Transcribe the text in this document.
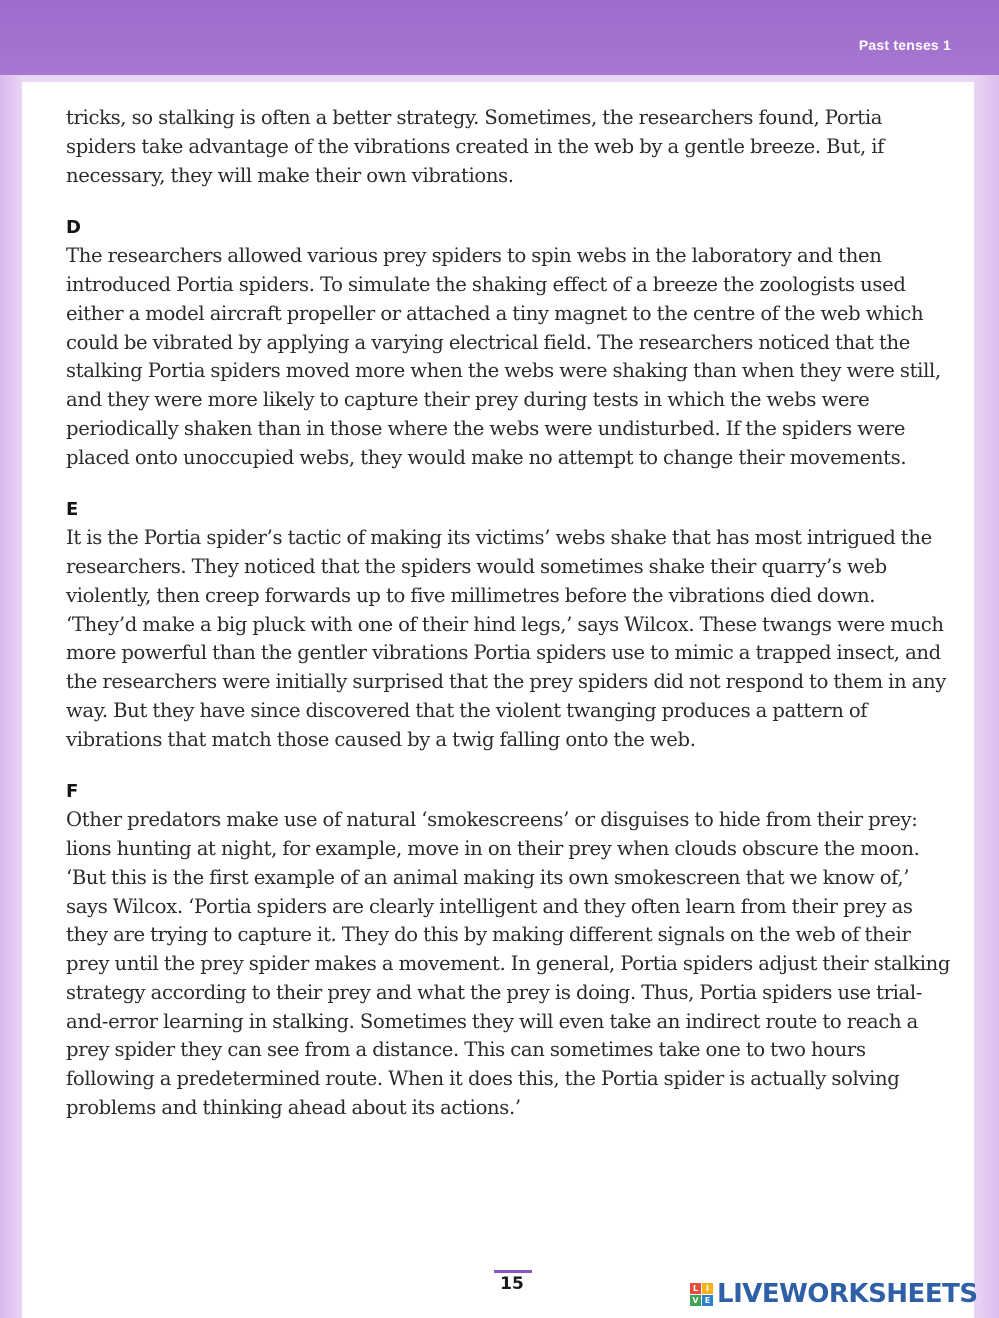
Past tenses 1

tricks, so stalking is often a better strategy. Sometimes, the researchers found, Portia spiders take advantage of the vibrations created in the web by a gentle breeze. But, if necessary, they will make their own vibrations.

D

The researchers allowed various prey spiders to spin webs in the laboratory and then introduced Portia spiders. To simulate the shaking effect of a breeze the zoologists used either a model aircraft propeller or attached a tiny magnet to the centre of the web which could be vibrated by applying a varying electrical field. The researchers noticed that the stalking Portia spiders moved more when the webs were shaking than when they were still, and they were more likely to capture their prey during tests in which the webs were periodically shaken than in those where the webs were undisturbed. If the spiders were placed onto unoccupied webs, they would make no attempt to change their movements.

E

It is the Portia spider’s tactic of making its victims’ webs shake that has most intrigued the researchers. They noticed that the spiders would sometimes shake their quarry’s web violently, then creep forwards up to five millimetres before the vibrations died down. ‘They’d make a big pluck with one of their hind legs,’ says Wilcox. These twangs were much more powerful than the gentler vibrations Portia spiders use to mimic a trapped insect, and the researchers were initially surprised that the prey spiders did not respond to them in any way. But they have since discovered that the violent twanging produces a pattern of vibrations that match those caused by a twig falling onto the web.

F

Other predators make use of natural ‘smokescreens’ or disguises to hide from their prey: lions hunting at night, for example, move in on their prey when clouds obscure the moon. ‘But this is the first example of an animal making its own smokescreen that we know of,’ says Wilcox. ‘Portia spiders are clearly intelligent and they often learn from their prey as they are trying to capture it. They do this by making different signals on the web of their prey until the prey spider makes a movement. In general, Portia spiders adjust their stalking strategy according to their prey and what the prey is doing. Thus, Portia spiders use trial-and-error learning in stalking. Sometimes they will even take an indirect route to reach a prey spider they can see from a distance. This can sometimes take one to two hours following a predetermined route. When it does this, the Portia spider is actually solving problems and thinking ahead about its actions.’

15	L I
V E LIVEWORKSHEETS
